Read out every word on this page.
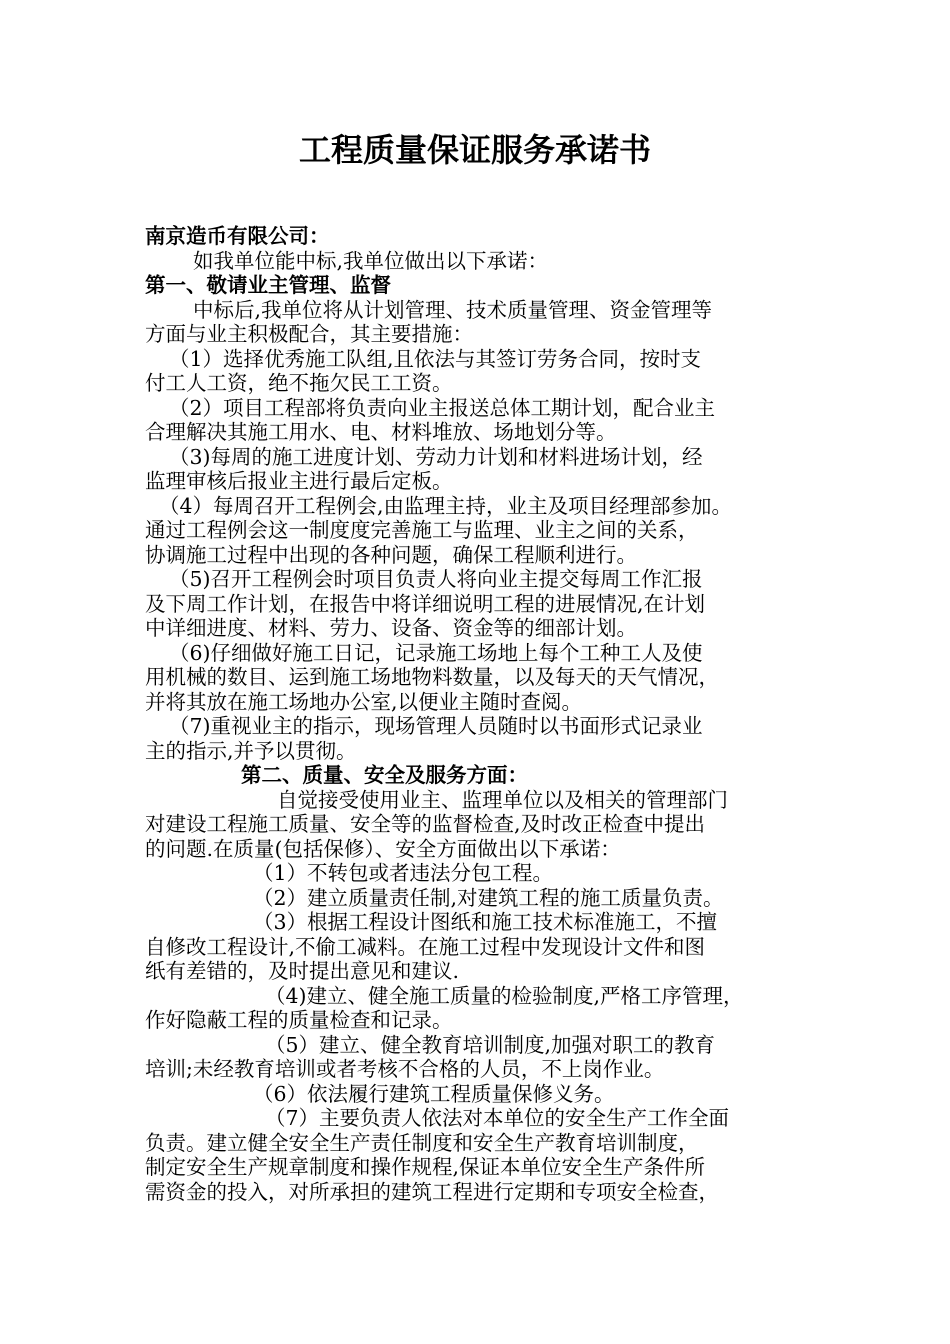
工程质量保证服务承诺书
南京造币有限公司：
如我单位能中标,我单位做出以下承诺：
第一、敬请业主管理、监督
中标后,我单位将从计划管理、技术质量管理、资金管理等
方面与业主积极配合，其主要措施：
（1）选择优秀施工队组,且依法与其签订劳务合同，按时支
付工人工资，绝不拖欠民工工资。
（2）项目工程部将负责向业主报送总体工期计划，配合业主
合理解决其施工用水、电、材料堆放、场地划分等。
（3)每周的施工进度计划、劳动力计划和材料进场计划，经
监理审核后报业主进行最后定板。
（4）每周召开工程例会,由监理主持，业主及项目经理部参加。
通过工程例会这一制度度完善施工与监理、业主之间的关系，
协调施工过程中出现的各种问题，确保工程顺利进行。
（5)召开工程例会时项目负责人将向业主提交每周工作汇报
及下周工作计划，在报告中将详细说明工程的进展情况,在计划
中详细进度、材料、劳力、设备、资金等的细部计划。
（6)仔细做好施工日记，记录施工场地上每个工种工人及使
用机械的数目、运到施工场地物料数量，以及每天的天气情况，
并将其放在施工场地办公室,以便业主随时查阅。
（7)重视业主的指示，现场管理人员随时以书面形式记录业
主的指示,并予以贯彻。
第二、质量、安全及服务方面：
自觉接受使用业主、监理单位以及相关的管理部门
对建设工程施工质量、安全等的监督检查,及时改正检查中提出
的问题.在质量(包括保修）、安全方面做出以下承诺：
（1）不转包或者违法分包工程。
（2）建立质量责任制,对建筑工程的施工质量负责。
（3）根据工程设计图纸和施工技术标准施工，不擅
自修改工程设计,不偷工减料。在施工过程中发现设计文件和图
纸有差错的，及时提出意见和建议.
（4)建立、健全施工质量的检验制度,严格工序管理，
作好隐蔽工程的质量检查和记录。
（5）建立、健全教育培训制度,加强对职工的教育
培训;未经教育培训或者考核不合格的人员，不上岗作业。
（6）依法履行建筑工程质量保修义务。
（7）主要负责人依法对本单位的安全生产工作全面
负责。建立健全安全生产责任制度和安全生产教育培训制度，
制定安全生产规章制度和操作规程,保证本单位安全生产条件所
需资金的投入，对所承担的建筑工程进行定期和专项安全检查，
